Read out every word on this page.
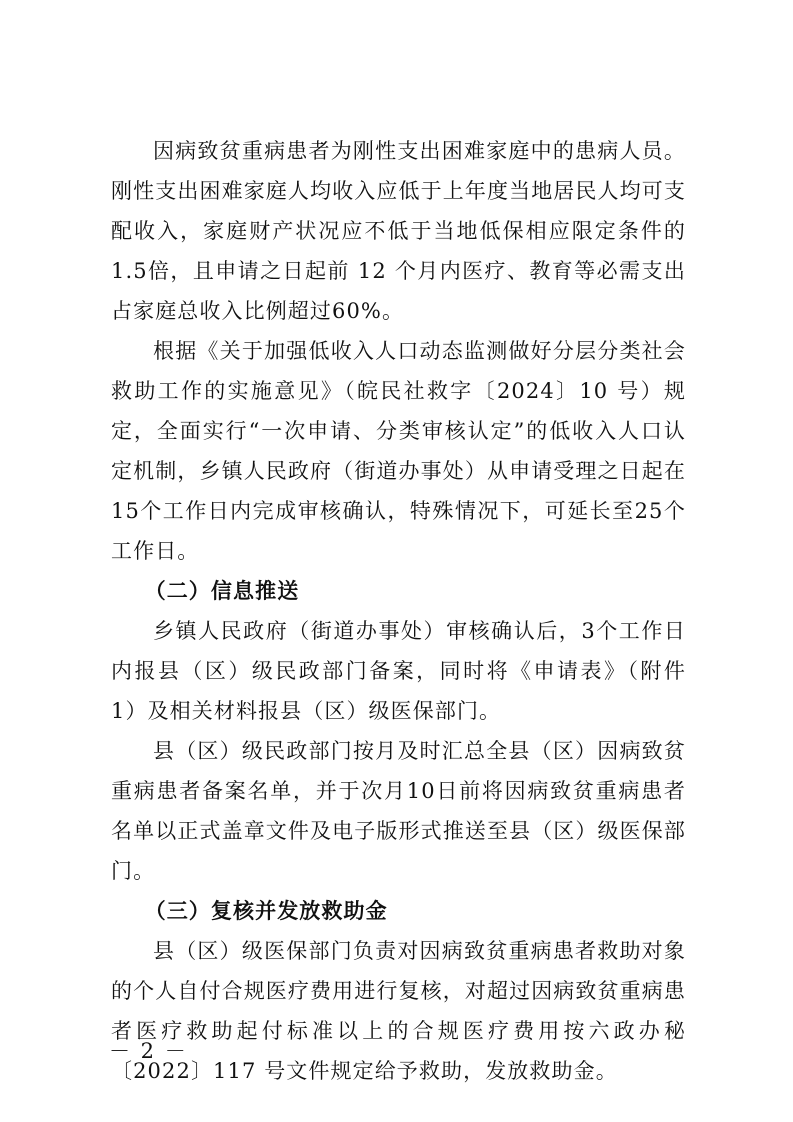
因病致贫重病患者为刚性支出困难家庭中的患病人员。刚性支出困难家庭人均收入应低于上年度当地居民人均可支配收入，家庭财产状况应不低于当地低保相应限定条件的1.5倍，且申请之日起前 12 个月内医疗、教育等必需支出占家庭总收入比例超过60%。

根据《关于加强低收入人口动态监测做好分层分类社会救助工作的实施意见》（皖民社救字〔2024〕10 号）规定，全面实行“一次申请、分类审核认定”的低收入人口认定机制，乡镇人民政府（街道办事处）从申请受理之日起在15个工作日内完成审核确认，特殊情况下，可延长至25个工作日。

（二）信息推送

乡镇人民政府（街道办事处）审核确认后，3个工作日内报县（区）级民政部门备案，同时将《申请表》（附件 1）及相关材料报县（区）级医保部门。

县（区）级民政部门按月及时汇总全县（区）因病致贫重病患者备案名单，并于次月10日前将因病致贫重病患者名单以正式盖章文件及电子版形式推送至县（区）级医保部门。

（三）复核并发放救助金

县（区）级医保部门负责对因病致贫重病患者救助对象的个人自付合规医疗费用进行复核，对超过因病致贫重病患者医疗救助起付标准以上的合规医疗费用按六政办秘〔2022〕117 号文件规定给予救助，发放救助金。

－ 2 －
